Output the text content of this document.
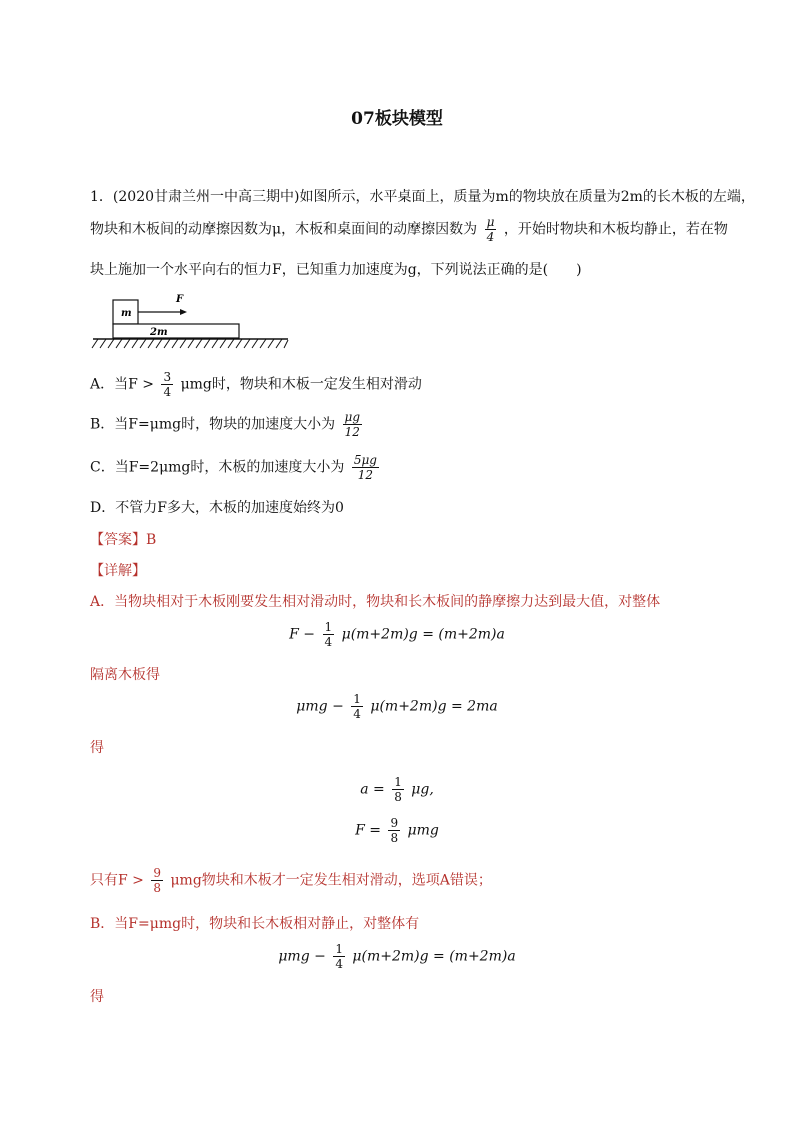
07板块模型
1．(2020甘肃兰州一中高三期中)如图所示，水平桌面上，质量为m的物块放在质量为2m的长木板的左端，
物块和木板间的动摩擦因数为μ，木板和桌面间的动摩擦因数为 $\frac{\mu}{4}$ ，开始时物块和木板均静止，若在物
块上施加一个水平向右的恒力F，已知重力加速度为g，下列说法正确的是(　　)
m
2m
F
A．当$F > \frac{3}{4}$ μmg时，物块和木板一定发生相对滑动
B．当F=μmg时，物块的加速度大小为 $\frac{\mu g}{12}$
C．当F=2μmg时，木板的加速度大小为 $\frac{5\mu g}{12}$
D．不管力F多大，木板的加速度始终为0
【答案】B
【详解】
A．当物块相对于木板刚要发生相对滑动时，物块和长木板间的静摩擦力达到最大值，对整体
$F - \frac{1}{4} \mu(m+2m)g = (m+2m)a$
隔离木板得
$\mu mg - \frac{1}{4} \mu(m+2m)g = 2ma$
得
$a = \frac{1}{8} \mu g$,
$F = \frac{9}{8}$ μmg
只有$F > \frac{9}{8}$ μmg物块和木板才一定发生相对滑动，选项A错误；
B．当F=μmg时，物块和长木板相对静止，对整体有
$\mu mg - \frac{1}{4} \mu(m+2m)g = (m+2m)a$
得
